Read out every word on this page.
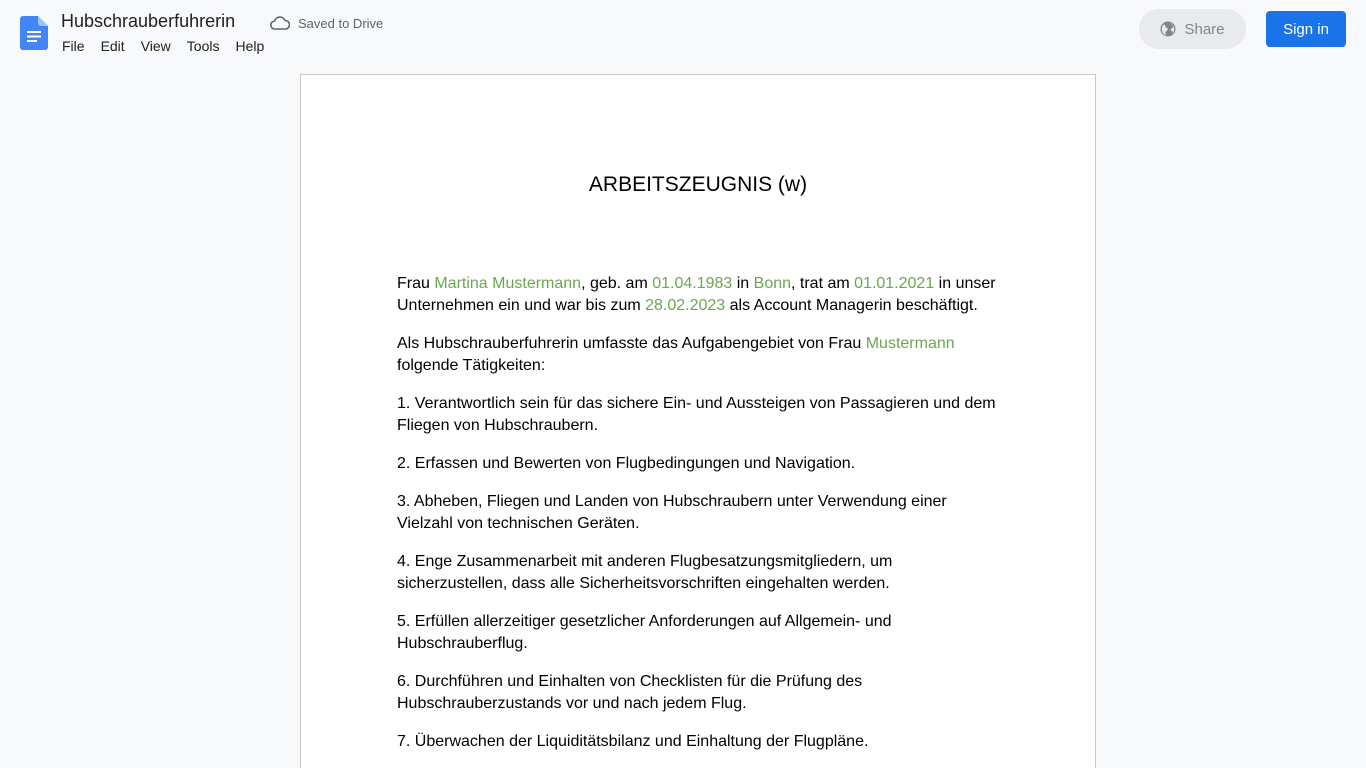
Hubschrauberfuhrerin	Saved to Drive
File	Edit	View	Tools	Help
Share	Sign in
ARBEITSZEUGNIS (w)

Frau Martina Mustermann, geb. am 01.04.1983 in Bonn, trat am 01.01.2021 in unser Unternehmen ein und war bis zum 28.02.2023 als Account Managerin beschäftigt.

Als Hubschrauberfuhrerin umfasste das Aufgabengebiet von Frau Mustermann folgende Tätigkeiten:

1. Verantwortlich sein für das sichere Ein- und Aussteigen von Passagieren und dem Fliegen von Hubschraubern.

2. Erfassen und Bewerten von Flugbedingungen und Navigation.

3. Abheben, Fliegen und Landen von Hubschraubern unter Verwendung einer Vielzahl von technischen Geräten.

4. Enge Zusammenarbeit mit anderen Flugbesatzungsmitgliedern, um sicherzustellen, dass alle Sicherheitsvorschriften eingehalten werden.

5. Erfüllen allerzeitiger gesetzlicher Anforderungen auf Allgemein- und Hubschrauberflug.

6. Durchführen und Einhalten von Checklisten für die Prüfung des Hubschrauberzustands vor und nach jedem Flug.

7. Überwachen der Liquiditätsbilanz und Einhaltung der Flugpläne.
